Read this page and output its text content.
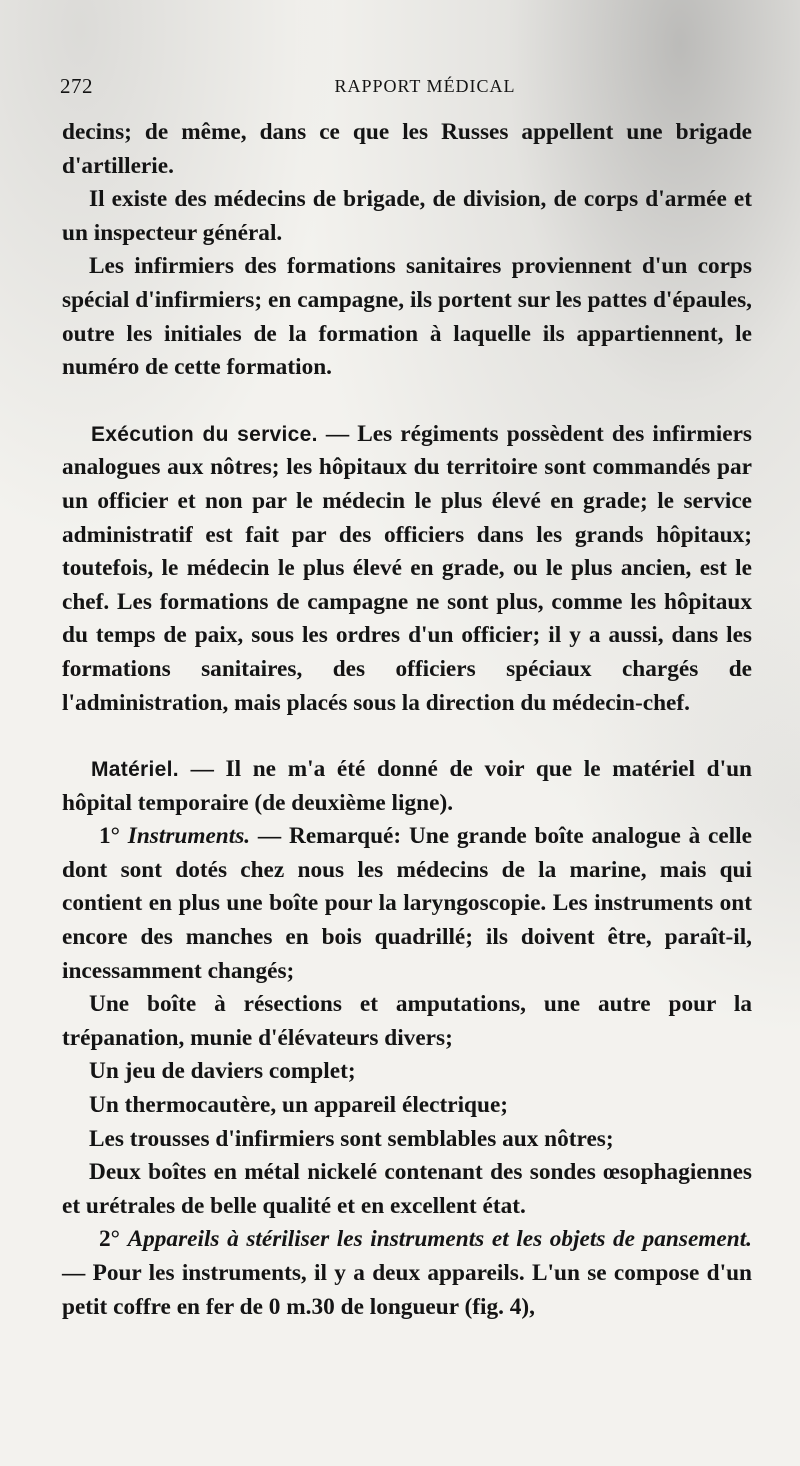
272	RAPPORT MÉDICAL

decins; de même, dans ce que les Russes appellent une brigade d'artillerie.

Il existe des médecins de brigade, de division, de corps d'armée et un inspecteur général.

Les infirmiers des formations sanitaires proviennent d'un corps spécial d'infirmiers; en campagne, ils portent sur les pattes d'épaules, outre les initiales de la formation à laquelle ils appartiennent, le numéro de cette formation.

Exécution du service. — Les régiments possèdent des infirmiers analogues aux nôtres; les hôpitaux du territoire sont commandés par un officier et non par le médecin le plus élevé en grade; le service administratif est fait par des officiers dans les grands hôpitaux; toutefois, le médecin le plus élevé en grade, ou le plus ancien, est le chef. Les formations de campagne ne sont plus, comme les hôpitaux du temps de paix, sous les ordres d'un officier; il y a aussi, dans les formations sanitaires, des officiers spéciaux chargés de l'administration, mais placés sous la direction du médecin-chef.

Matériel. — Il ne m'a été donné de voir que le matériel d'un hôpital temporaire (de deuxième ligne).

1° Instruments. — Remarqué: Une grande boîte analogue à celle dont sont dotés chez nous les médecins de la marine, mais qui contient en plus une boîte pour la laryngoscopie. Les instruments ont encore des manches en bois quadrillé; ils doivent être, paraît-il, incessamment changés;

Une boîte à résections et amputations, une autre pour la trépanation, munie d'élévateurs divers;

Un jeu de daviers complet;

Un thermocautère, un appareil électrique;

Les trousses d'infirmiers sont semblables aux nôtres;

Deux boîtes en métal nickelé contenant des sondes œsophagiennes et urétrales de belle qualité et en excellent état.

2° Appareils à stériliser les instruments et les objets de pansement. — Pour les instruments, il y a deux appareils. L'un se compose d'un petit coffre en fer de 0 m.30 de longueur (fig. 4),
